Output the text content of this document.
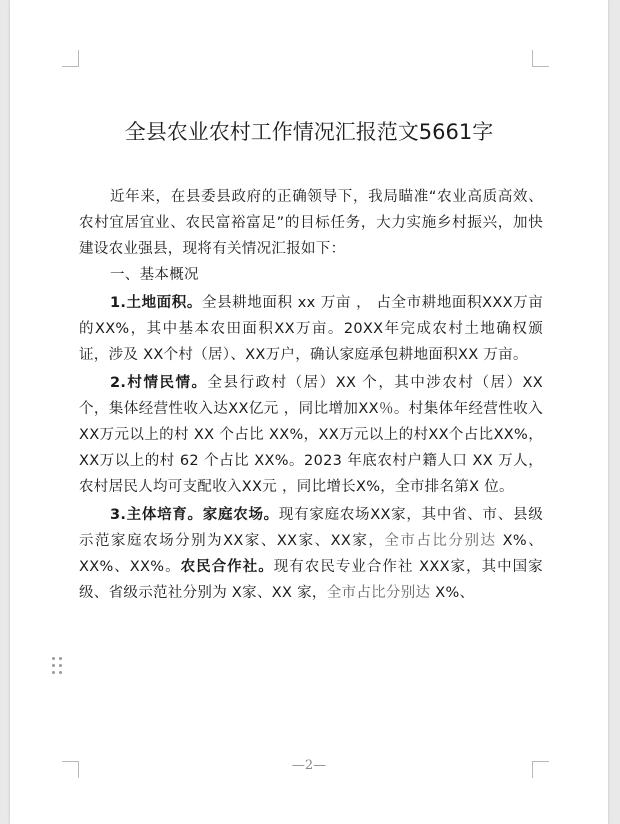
全县农业农村工作情况汇报范文5661字

近年来，在县委县政府的正确领导下，我局瞄准“农业高质高效、农村宜居宜业、农民富裕富足”的目标任务，大力实施乡村振兴，加快建设农业强县，现将有关情况汇报如下：

一、基本概况

1.土地面积。全县耕地面积 xx 万亩 ， 占全市耕地面积XXX万亩的XX%，其中基本农田面积XX万亩。20XX年完成农村土地确权颁证，涉及 XX个村（居）、XX万户，确认家庭承包耕地面积XX 万亩。

2.村情民情。全县行政村（居）XX 个，其中涉农村（居）XX 个，集体经营性收入达XX亿元 ，同比增加XX％。村集体年经营性收入XX万元以上的村 XX 个占比 XX%，XX万元以上的村XX个占比XX%，XX万以上的村 62 个占比 XX%。2023 年底农村户籍人口 XX 万人，农村居民人均可支配收入XX元 ，同比增长X%，全市排名第X 位。

3.主体培育。家庭农场。现有家庭农场XX家，其中省、市、县级示范家庭农场分别为XX家、XX家、XX家，全市占比分别达 X%、XX%、XX%。农民合作社。现有农民专业合作社 XXX家，其中国家级、省级示范社分别为 X家、XX 家，全市占比分别达 X%、

—2—
